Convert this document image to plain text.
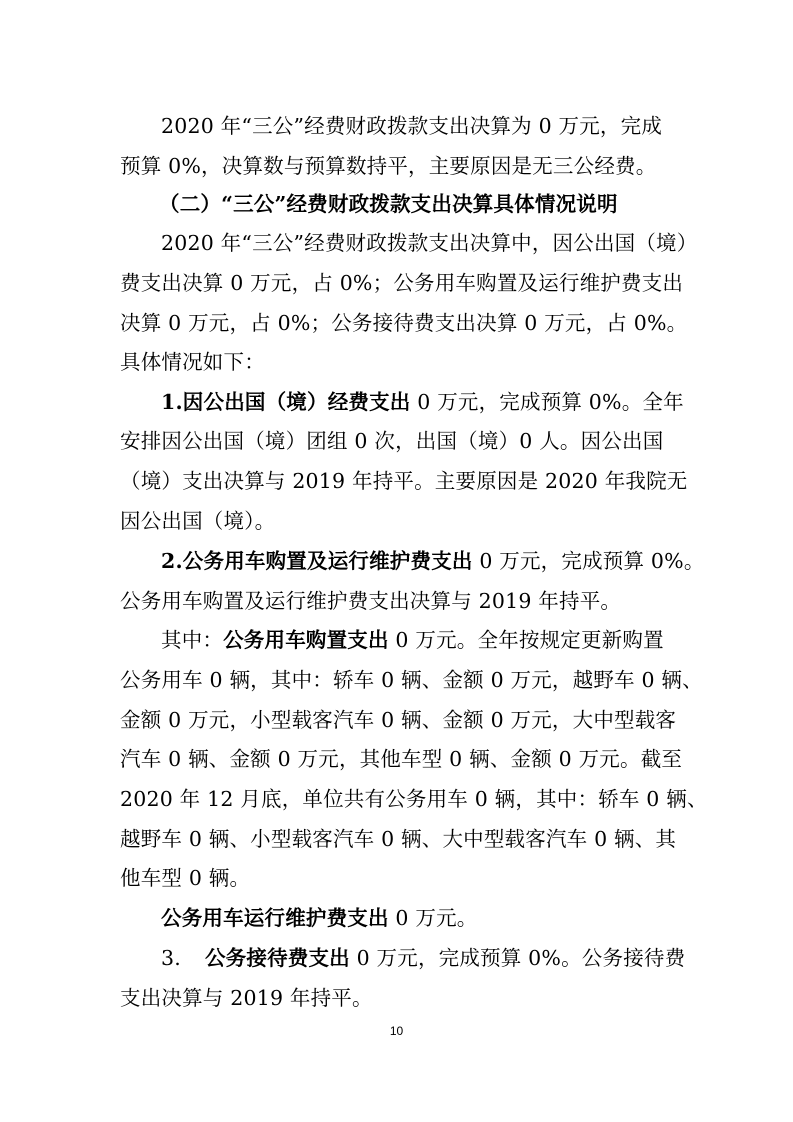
2020 年“三公”经费财政拨款支出决算为 0 万元，完成
预算 0%，决算数与预算数持平，主要原因是无三公经费。
（二）“三公”经费财政拨款支出决算具体情况说明
2020 年“三公”经费财政拨款支出决算中，因公出国（境）
费支出决算 0 万元，占 0%；公务用车购置及运行维护费支出
决算 0 万元，占 0%；公务接待费支出决算 0 万元，占 0%。
具体情况如下：
1.因公出国（境）经费支出 0 万元，完成预算 0%。全年
安排因公出国（境）团组 0 次，出国（境）0 人。因公出国
（境）支出决算与 2019 年持平。主要原因是 2020 年我院无
因公出国（境）。
2.公务用车购置及运行维护费支出 0 万元，完成预算 0%。
公务用车购置及运行维护费支出决算与 2019 年持平。
其中：公务用车购置支出 0 万元。全年按规定更新购置
公务用车 0 辆，其中：轿车 0 辆、金额 0 万元，越野车 0 辆、
金额 0 万元，小型载客汽车 0 辆、金额 0 万元，大中型载客
汽车 0 辆、金额 0 万元，其他车型 0 辆、金额 0 万元。截至
2020 年 12 月底，单位共有公务用车 0 辆，其中：轿车 0 辆、
越野车 0 辆、小型载客汽车 0 辆、大中型载客汽车 0 辆、其
他车型 0 辆。
公务用车运行维护费支出 0 万元。
3. 公务接待费支出 0 万元，完成预算 0%。公务接待费
支出决算与 2019 年持平。
10
